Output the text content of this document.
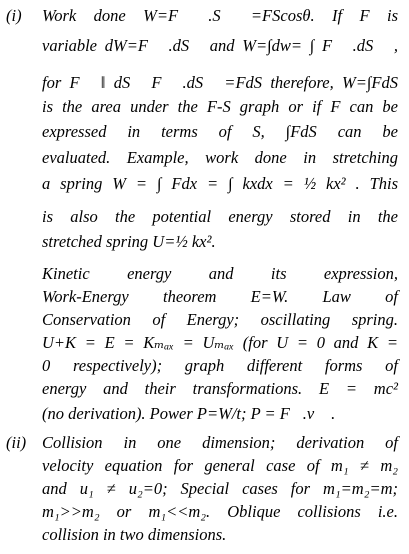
(i) Work done W=F⃗ .S⃗ =FScosθ. If F is
variable dW=F⃗ .dS⃗ and W=∫dw= ∫ F⃗ .dS⃗ ,
for F⃗ ‖ dS⃗ F⃗ .dS⃗ =FdS therefore, W=∫FdS
is the area under the F-S graph or if F can be
expressed in terms of S, ∫FdS can be
evaluated. Example, work done in stretching
a spring W = ∫ Fdx = ∫ kxdx = ½ kx² . This
is also the potential energy stored in the
stretched spring U=½ kx².
Kinetic energy and its expression,
Work-Energy theorem E=W. Law of
Conservation of Energy; oscillating spring.
U+K = E = Kₘₐₓ = Uₘₐₓ (for U = 0 and K =
0 respectively); graph different forms of
energy and their transformations. E = mc²
(no derivation). Power P=W/t; P = F⃗.v⃗ .
(ii) Collision in one dimension; derivation of
velocity equation for general case of m₁ ≠ m₂
and u₁ ≠ u₂=0; Special cases for m₁=m₂=m;
m₁>>m₂ or m₁<<m₂. Oblique collisions i.e.
collision in two dimensions.
